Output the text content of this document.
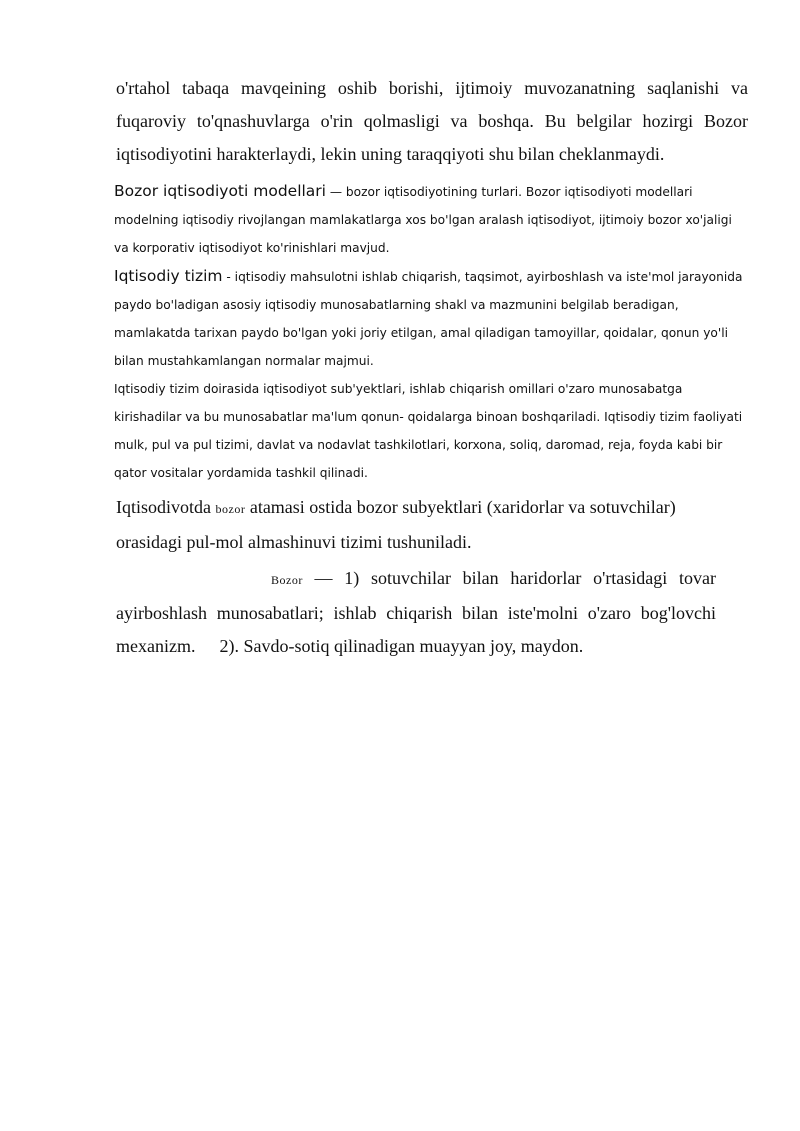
o'rtahol tabaqa mavqeining oshib borishi, ijtimoiy muvozanatning saqlanishi va fuqaroviy to'qnashuvlarga o'rin qolmasligi va boshqa. Bu belgilar hozirgi Bozor iqtisodiyotini harakterlaydi, lekin uning taraqqiyoti shu bilan cheklanmaydi.

Bozor iqtisodiyoti modellari — bozor iqtisodiyotining turlari. Bozor iqtisodiyoti modellari modelning iqtisodiy rivojlangan mamlakatlarga xos bo'lgan aralash iqtisodiyot, ijtimoiy bozor xo'jaligi va korporativ iqtisodiyot ko'rinishlari mavjud.

Iqtisodiy tizim - iqtisodiy mahsulotni ishlab chiqarish, taqsimot, ayirboshlash va iste'mol jarayonida paydo bo'ladigan asosiy iqtisodiy munosabatlarning shakl va mazmunini belgilab beradigan, mamlakatda tarixan paydo bo'lgan yoki joriy etilgan, amal qiladigan tamoyillar, qoidalar, qonun yo'li bilan mustahkamlangan normalar majmui.

Iqtisodiy tizim doirasida iqtisodiyot sub'yektlari, ishlab chiqarish omillari o'zaro munosabatga kirishadilar va bu munosabatlar ma'lum qonun- qoidalarga binoan boshqariladi. Iqtisodiy tizim faoliyati mulk, pul va pul tizimi, davlat va nodavlat tashkilotlari, korxona, soliq, daromad, reja, foyda kabi bir qator vositalar yordamida tashkil qilinadi.

Iqtisodivotda bozor atamasi ostida bozor subyektlari (xaridorlar va sotuvchilar) orasidagi pul-mol almashinuvi tizimi tushuniladi.

Bozor — 1) sotuvchilar bilan haridorlar o'rtasidagi tovar ayirboshlash munosabatlari; ishlab chiqarish bilan iste'molni o'zaro bog'lovchi mexanizm. 2). Savdo-sotiq qilinadigan muayyan joy, maydon.
